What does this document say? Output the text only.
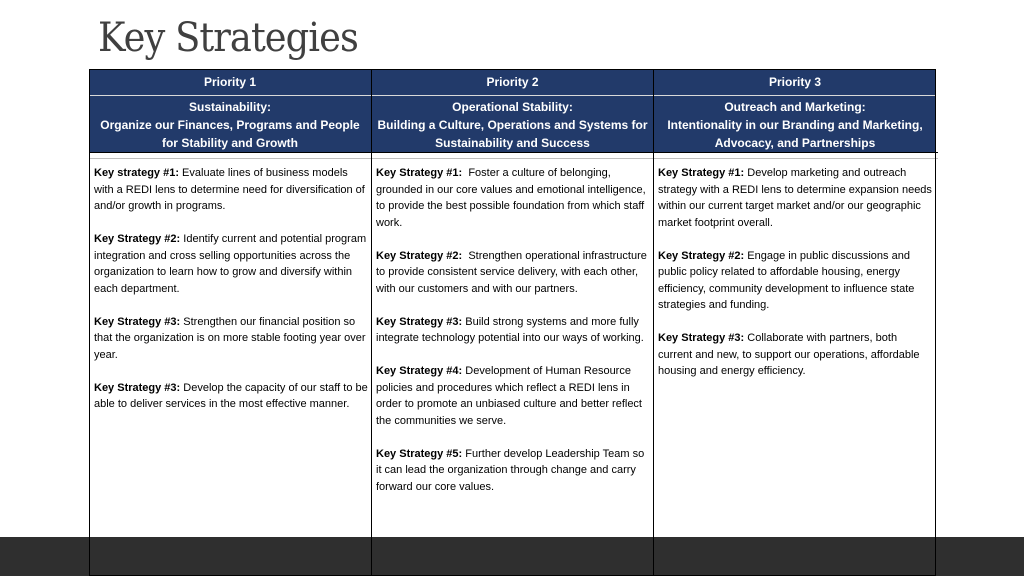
Key Strategies
Priority 1
Sustainability:
Organize our Finances, Programs and People for Stability and Growth
Priority 2
Operational Stability:
Building a Culture, Operations and Systems for Sustainability and Success
Priority 3
Outreach and Marketing:
Intentionality in our Branding and Marketing, Advocacy, and Partnerships

Key strategy #1: Evaluate lines of business models with a REDI lens to determine need for diversification of and/or growth in programs.

Key Strategy #2: Identify current and potential program integration and cross selling opportunities across the organization to learn how to grow and diversify within each department.

Key Strategy #3: Strengthen our financial position so that the organization is on more stable footing year over year.

Key Strategy #3: Develop the capacity of our staff to be able to deliver services in the most effective manner.

Key Strategy #1:  Foster a culture of belonging, grounded in our core values and emotional intelligence, to provide the best possible foundation from which staff work.

Key Strategy #2:  Strengthen operational infrastructure to provide consistent service delivery, with each other, with our customers and with our partners.

Key Strategy #3: Build strong systems and more fully integrate technology potential into our ways of working.

Key Strategy #4: Development of Human Resource policies and procedures which reflect a REDI lens in order to promote an unbiased culture and better reflect the communities we serve.

Key Strategy #5: Further develop Leadership Team so it can lead the organization through change and carry forward our core values.

Key Strategy #1: Develop marketing and outreach strategy with a REDI lens to determine expansion needs within our current target market and/or our geographic market footprint overall.

Key Strategy #2: Engage in public discussions and public policy related to affordable housing, energy efficiency, community development to influence state strategies and funding.

Key Strategy #3: Collaborate with partners, both current and new, to support our operations, affordable housing and energy efficiency.
